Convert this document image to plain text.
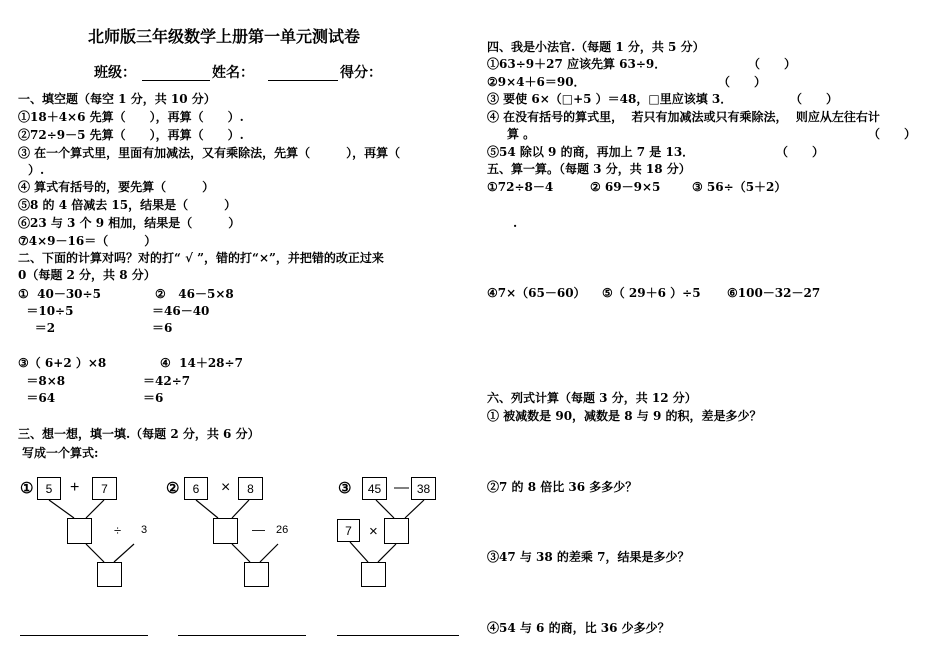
北师版三年级数学上册第一单元测试卷
班级：	姓名：	得分：
一、填空题（每空 1 分，共 10 分）
①18＋4×6 先算（　　），再算（　　）.
②72÷9－5 先算（　　），再算（　　）.
③ 在一个算式里，里面有加减法，又有乘除法，先算（　　　），再算（
）.
④ 算式有括号的，要先算（　　　）
⑤8 的 4 倍减去 15，结果是（　　　）
⑥23 与 3 个 9 相加，结果是（　　　）
⑦4×9－16＝（　　　）
二、下面的计算对吗？对的打“ √ ”，错的打“×”，并把错的改正过来
0（每题 2 分，共 8 分）
①  40－30÷5
＝10÷5
＝2
②   46－5×8
＝46－40
＝6
③（ 6+2 ）×8
＝8×8
＝64
④  14＋28÷7
＝42÷7
＝6
三、想一想，填一填.（每题 2 分，共 6 分）
写成一个算式:
①	5	+	7
÷ 3
②	6	×	8
— 26
③	45 — 38
7	×
四、我是小法官.（每题 1 分，共 5 分）
①63÷9＋27 应该先算 63÷9．	（　　）
②9×4＋6＝90．	（　　）
③ 要使 6×（□+5 ）＝48，□里应该填 3．	（　　）
④ 在没有括号的算式里，  若只有加减法或只有乘除法，  则应从左往右计
算 。	（　　）
⑤54 除以 9 的商，再加上 7 是 13．	（　　）
五、算一算。（每题 3 分，共 18 分）
①72÷8－4	② 69－9×5	③ 56÷（5＋2）
.
④7×（65－60） ⑤（ 29＋6 ）÷5 ⑥100－32－27
六、列式计算（每题 3 分，共 12 分）
① 被减数是 90，减数是 8 与 9 的积，差是多少？
②7 的 8 倍比 36 多多少？
③47 与 38 的差乘 7，结果是多少？
④54 与 6 的商，比 36 少多少？
